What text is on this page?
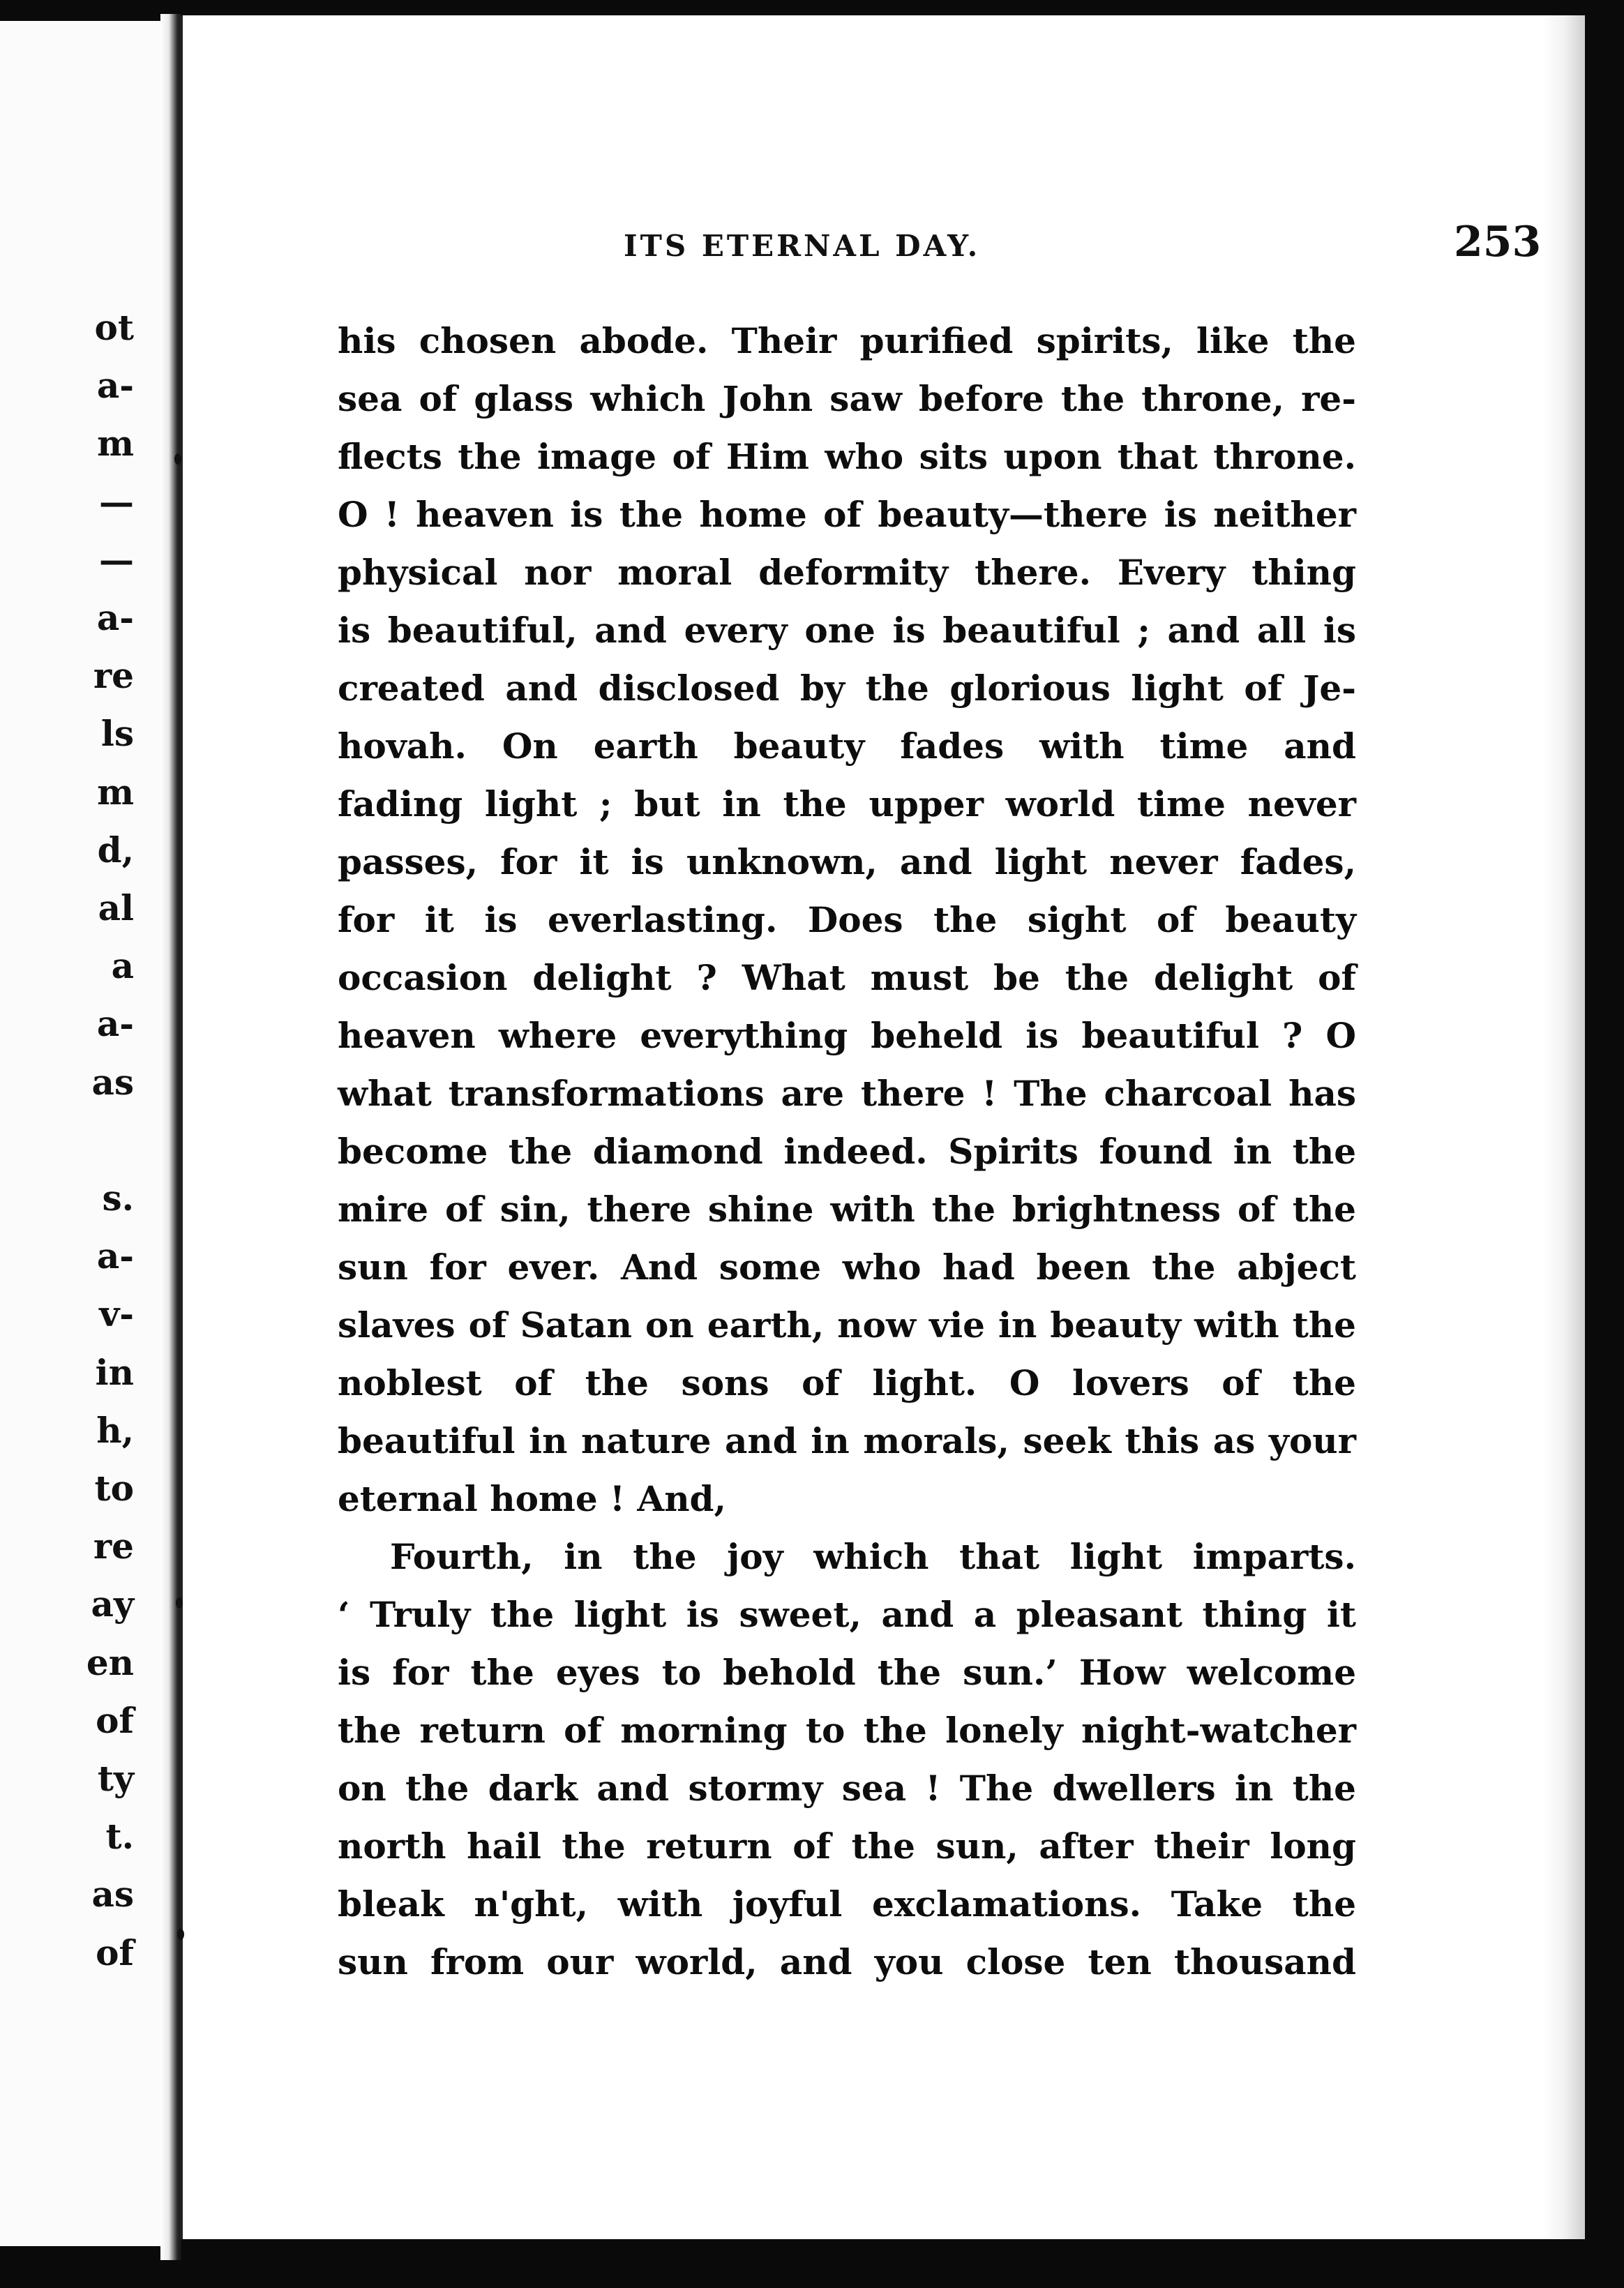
ot
a-
m
—
—
a-
re
ls
m
d,
al
a
a-
as
s.
a-
v-
in
h,
to
re
ay
en
of
ty
t.
as
of
ITS ETERNAL DAY.	253
his chosen abode. Their purified spirits, like the
sea of glass which John saw before the throne, re-
flects the image of Him who sits upon that throne.
O ! heaven is the home of beauty—there is neither
physical nor moral deformity there. Every thing
is beautiful, and every one is beautiful ; and all is
created and disclosed by the glorious light of Je-
hovah. On earth beauty fades with time and
fading light ; but in the upper world time never
passes, for it is unknown, and light never fades,
for it is everlasting. Does the sight of beauty
occasion delight ? What must be the delight of
heaven where everything beheld is beautiful ? O
what transformations are there ! The charcoal has
become the diamond indeed. Spirits found in the
mire of sin, there shine with the brightness of the
sun for ever. And some who had been the abject
slaves of Satan on earth, now vie in beauty with the
noblest of the sons of light. O lovers of the
beautiful in nature and in morals, seek this as your
eternal home ! And,
Fourth, in the joy which that light imparts.
‘ Truly the light is sweet, and a pleasant thing it
is for the eyes to behold the sun.’ How welcome
the return of morning to the lonely night-watcher
on the dark and stormy sea ! The dwellers in the
north hail the return of the sun, after their long
bleak n'ght, with joyful exclamations. Take the
sun from our world, and you close ten thousand
